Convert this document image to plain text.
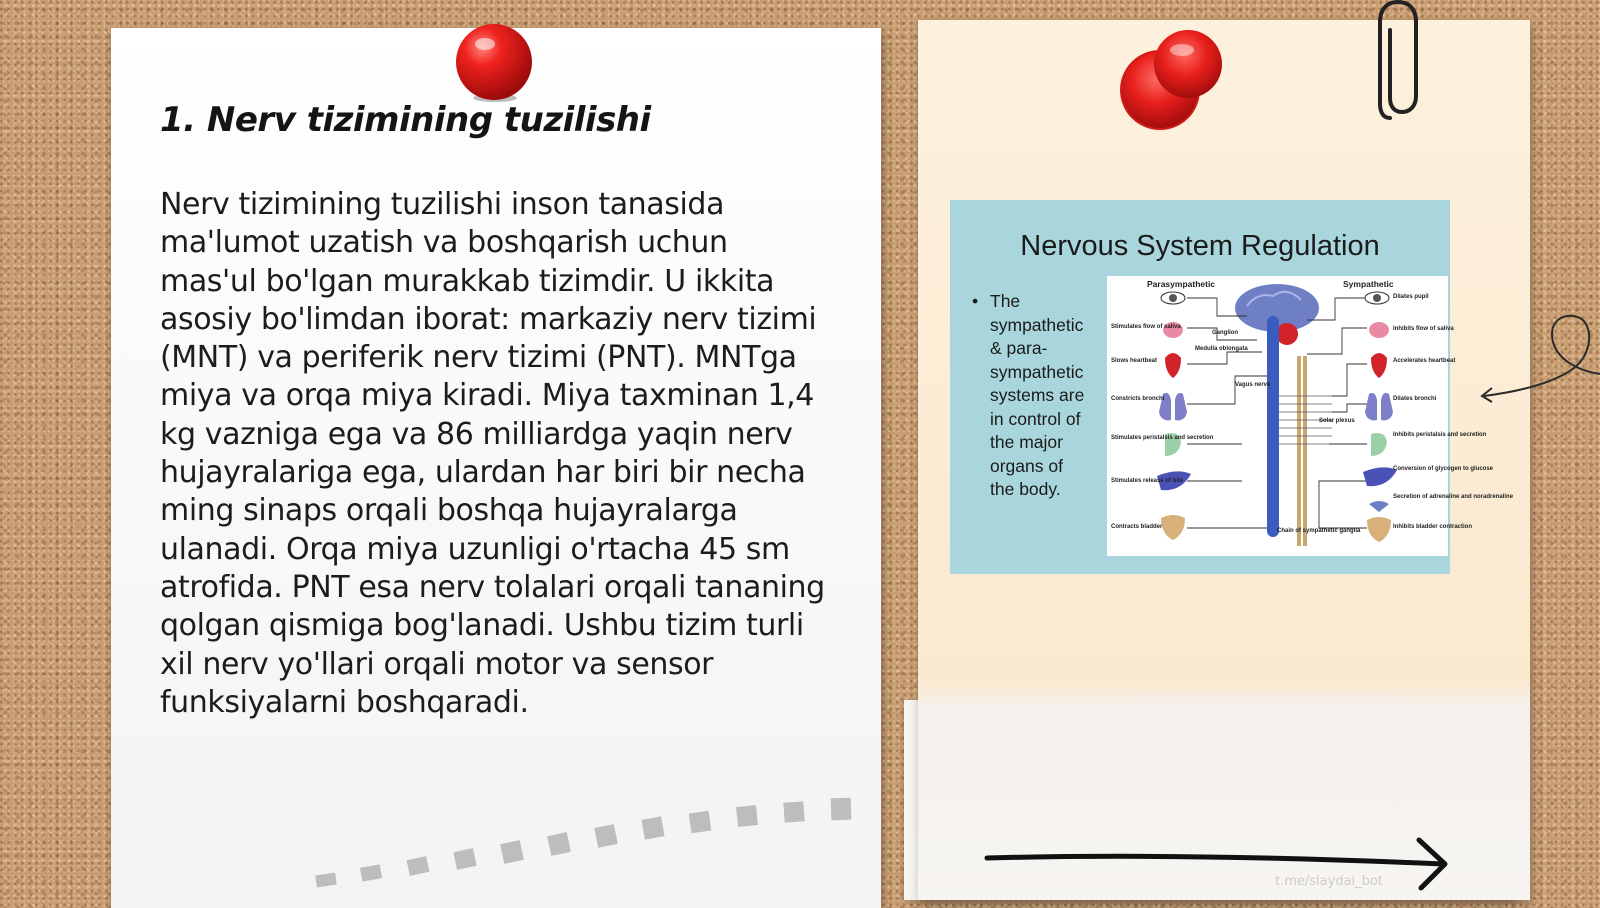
1. Nerv tizimining tuzilishi

Nerv tizimining tuzilishi inson tanasida ma'lumot uzatish va boshqarish uchun mas'ul bo'lgan murakkab tizimdir. U ikkita asosiy bo'limdan iborat: markaziy nerv tizimi (MNT) va periferik nerv tizimi (PNT). MNTga miya va orqa miya kiradi. Miya taxminan 1,4 kg vazniga ega va 86 milliardga yaqin nerv hujayralariga ega, ulardan har biri bir necha ming sinaps orqali boshqa hujayralarga ulanadi. Orqa miya uzunligi o'rtacha 45 sm atrofida. PNT esa nerv tolalari orqali tananing qolgan qismiga bog'lanadi. Ushbu tizim turli xil nerv yo'llari orqali motor va sensor funksiyalarni boshqaradi.

Nervous System Regulation
• The sympathetic & para-sympathetic systems are in control of the major organs of the body.
Parasympathetic	Sympathetic
Ganglion
Medulla oblongata
Vagus nerve
Solar plexus
Chain of sympathetic ganglia
Stimulates flow of saliva
Slows heartbeat
Constricts bronchi
Stimulates peristalsis and secretion
Stimulates release of bile
Contracts bladder
Dilates pupil
Inhibits flow of saliva
Accelerates heartbeat
Dilates bronchi
Inhibits peristalsis and secretion
Conversion of glycogen to glucose
Secretion of adrenaline and noradrenaline
Inhibits bladder contraction
t.me/slaydai_bot
